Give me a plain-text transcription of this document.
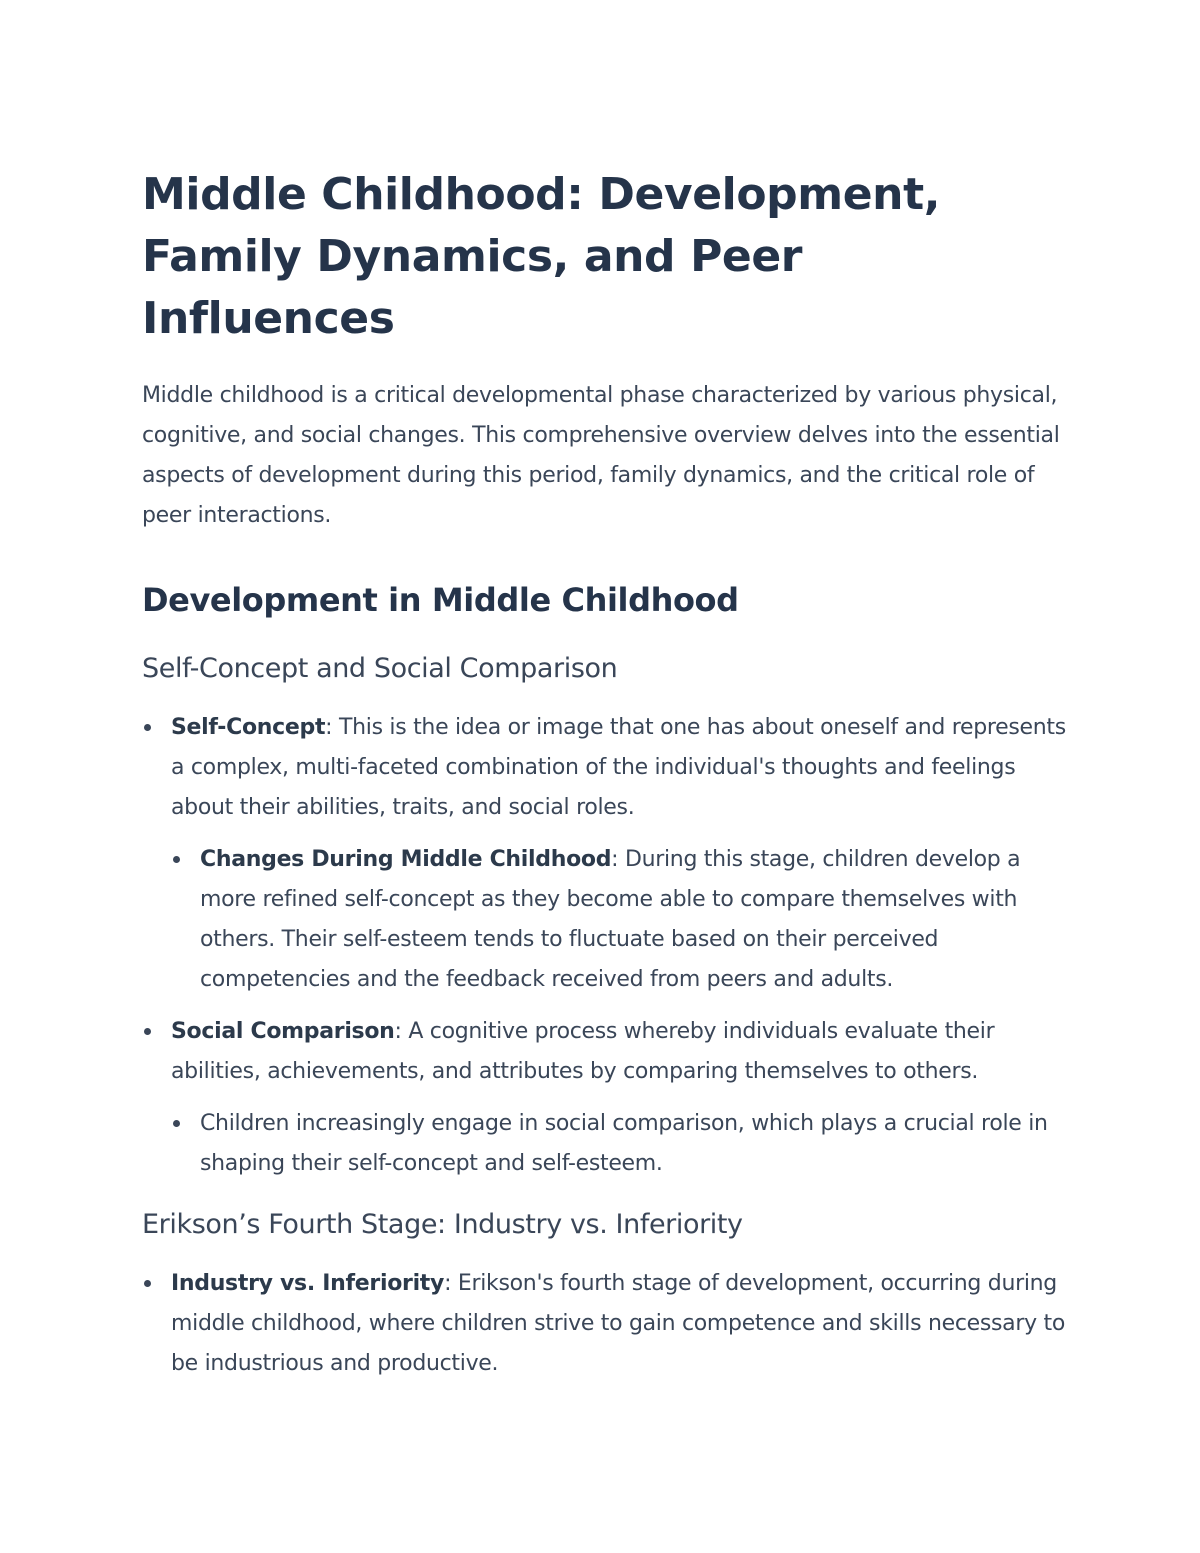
Middle Childhood: Development, Family Dynamics, and Peer Influences

Middle childhood is a critical developmental phase characterized by various physical, cognitive, and social changes. This comprehensive overview delves into the essential aspects of development during this period, family dynamics, and the critical role of peer interactions.

Development in Middle Childhood
Self-Concept and Social Comparison
Self-Concept: This is the idea or image that one has about oneself and represents a complex, multi-faceted combination of the individual's thoughts and feelings about their abilities, traits, and social roles.
Changes During Middle Childhood: During this stage, children develop a more refined self-concept as they become able to compare themselves with others. Their self-esteem tends to fluctuate based on their perceived competencies and the feedback received from peers and adults.
Social Comparison: A cognitive process whereby individuals evaluate their abilities, achievements, and attributes by comparing themselves to others.
Children increasingly engage in social comparison, which plays a crucial role in shaping their self-concept and self-esteem.
Erikson’s Fourth Stage: Industry vs. Inferiority
Industry vs. Inferiority: Erikson's fourth stage of development, occurring during middle childhood, where children strive to gain competence and skills necessary to be industrious and productive.
